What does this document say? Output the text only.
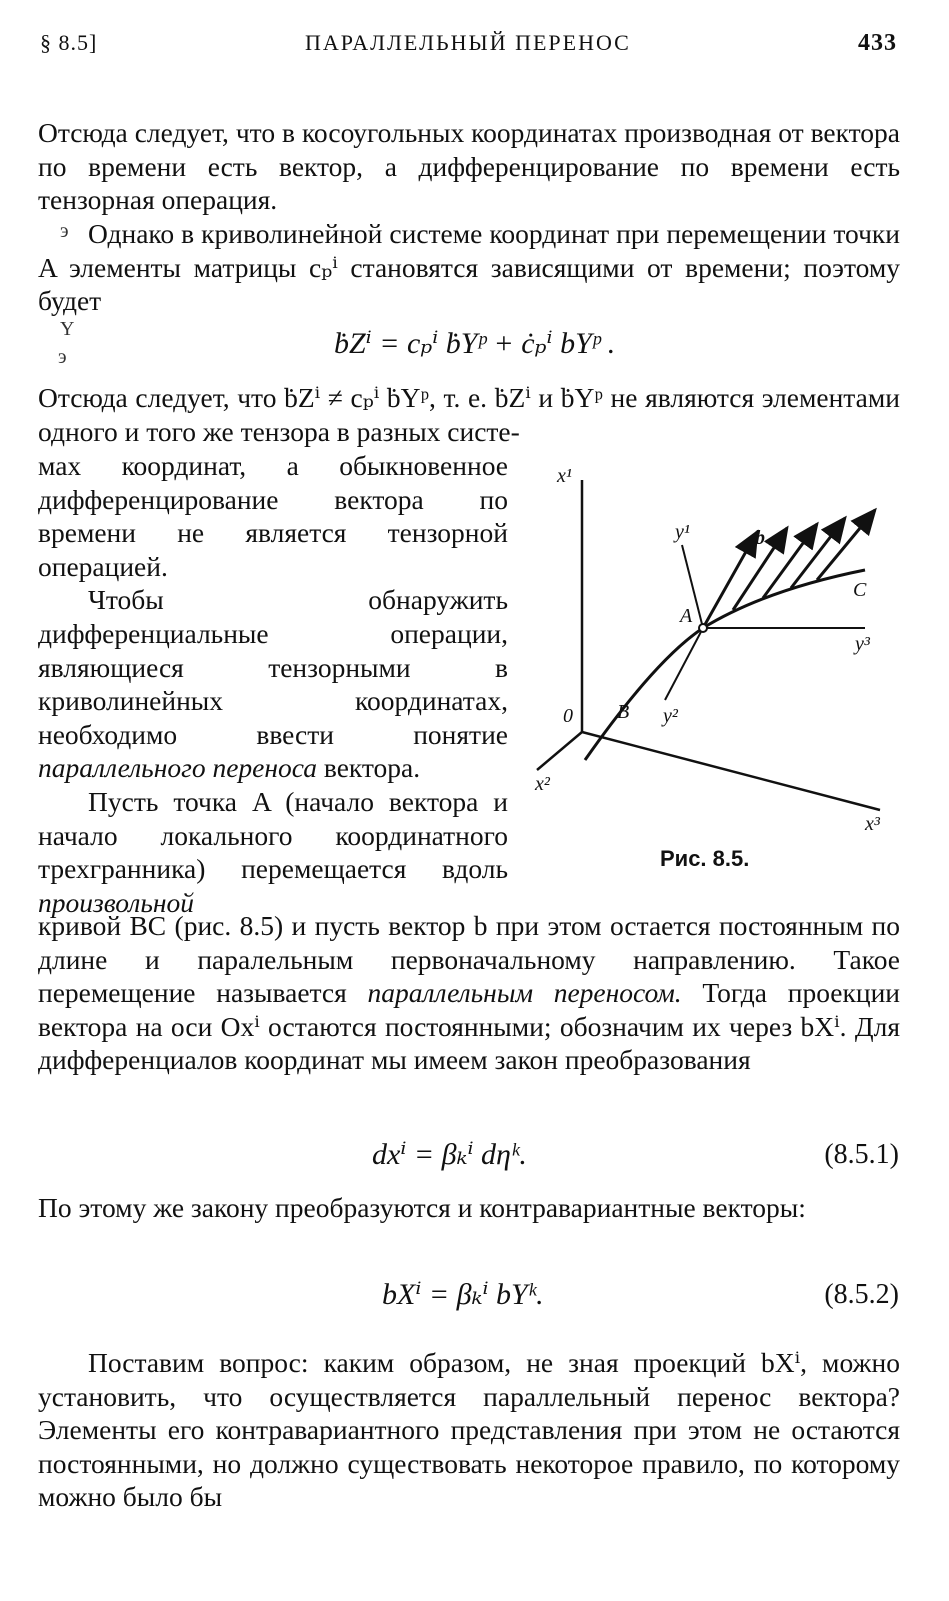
§ 8.5]	ПАРАЛЛЕЛЬНЫЙ ПЕРЕНОС	433

Отсюда следует, что в косоугольных координатах производная от вектора по времени есть вектор, а дифференцирование по времени есть тензорная операция.

э
Y
э

Однако в криволинейной системе координат при перемещении точки A элементы матрицы cₚⁱ становятся зависящими от времени; поэтому будет

ḃZⁱ = cₚⁱ ḃYᵖ + ċₚⁱ bYᵖ .

Отсюда следует, что ḃZⁱ ≠ cₚⁱ ḃYᵖ, т. е. ḃZⁱ и ḃYᵖ не являются элементами одного и того же тензора в разных систе-

мах координат, а обыкновенное дифференцирование вектора по времени не является тензорной операцией.

Чтобы обнаружить дифференциальные операции, являющиеся тензорными в криволинейных координатах, необходимо ввести понятие параллельного переноса вектора.

Пусть точка A (начало вектора и начало локального координатного трехгранника) перемещается вдоль произвольной

x¹
x²
x³
y¹
y²
y³
0
A
B
C
b
Рис. 8.5.

кривой BC (рис. 8.5) и пусть вектор b при этом остается постоянным по длине и паралельным первоначальному направлению. Такое перемещение называется параллельным переносом. Тогда проекции вектора на оси Oxⁱ остаются постоянными; обозначим их через bXⁱ. Для дифференциалов координат мы имеем закон преобразования

dxⁱ = βₖⁱ dηᵏ.	(8.5.1)

По этому же закону преобразуются и контравариантные векторы:

bXⁱ = βₖⁱ bYᵏ.	(8.5.2)

Поставим вопрос: каким образом, не зная проекций bXⁱ, можно установить, что осуществляется параллельный перенос вектора? Элементы его контравариантного представления при этом не остаются постоянными, но должно существовать некоторое правило, по которому можно было бы
